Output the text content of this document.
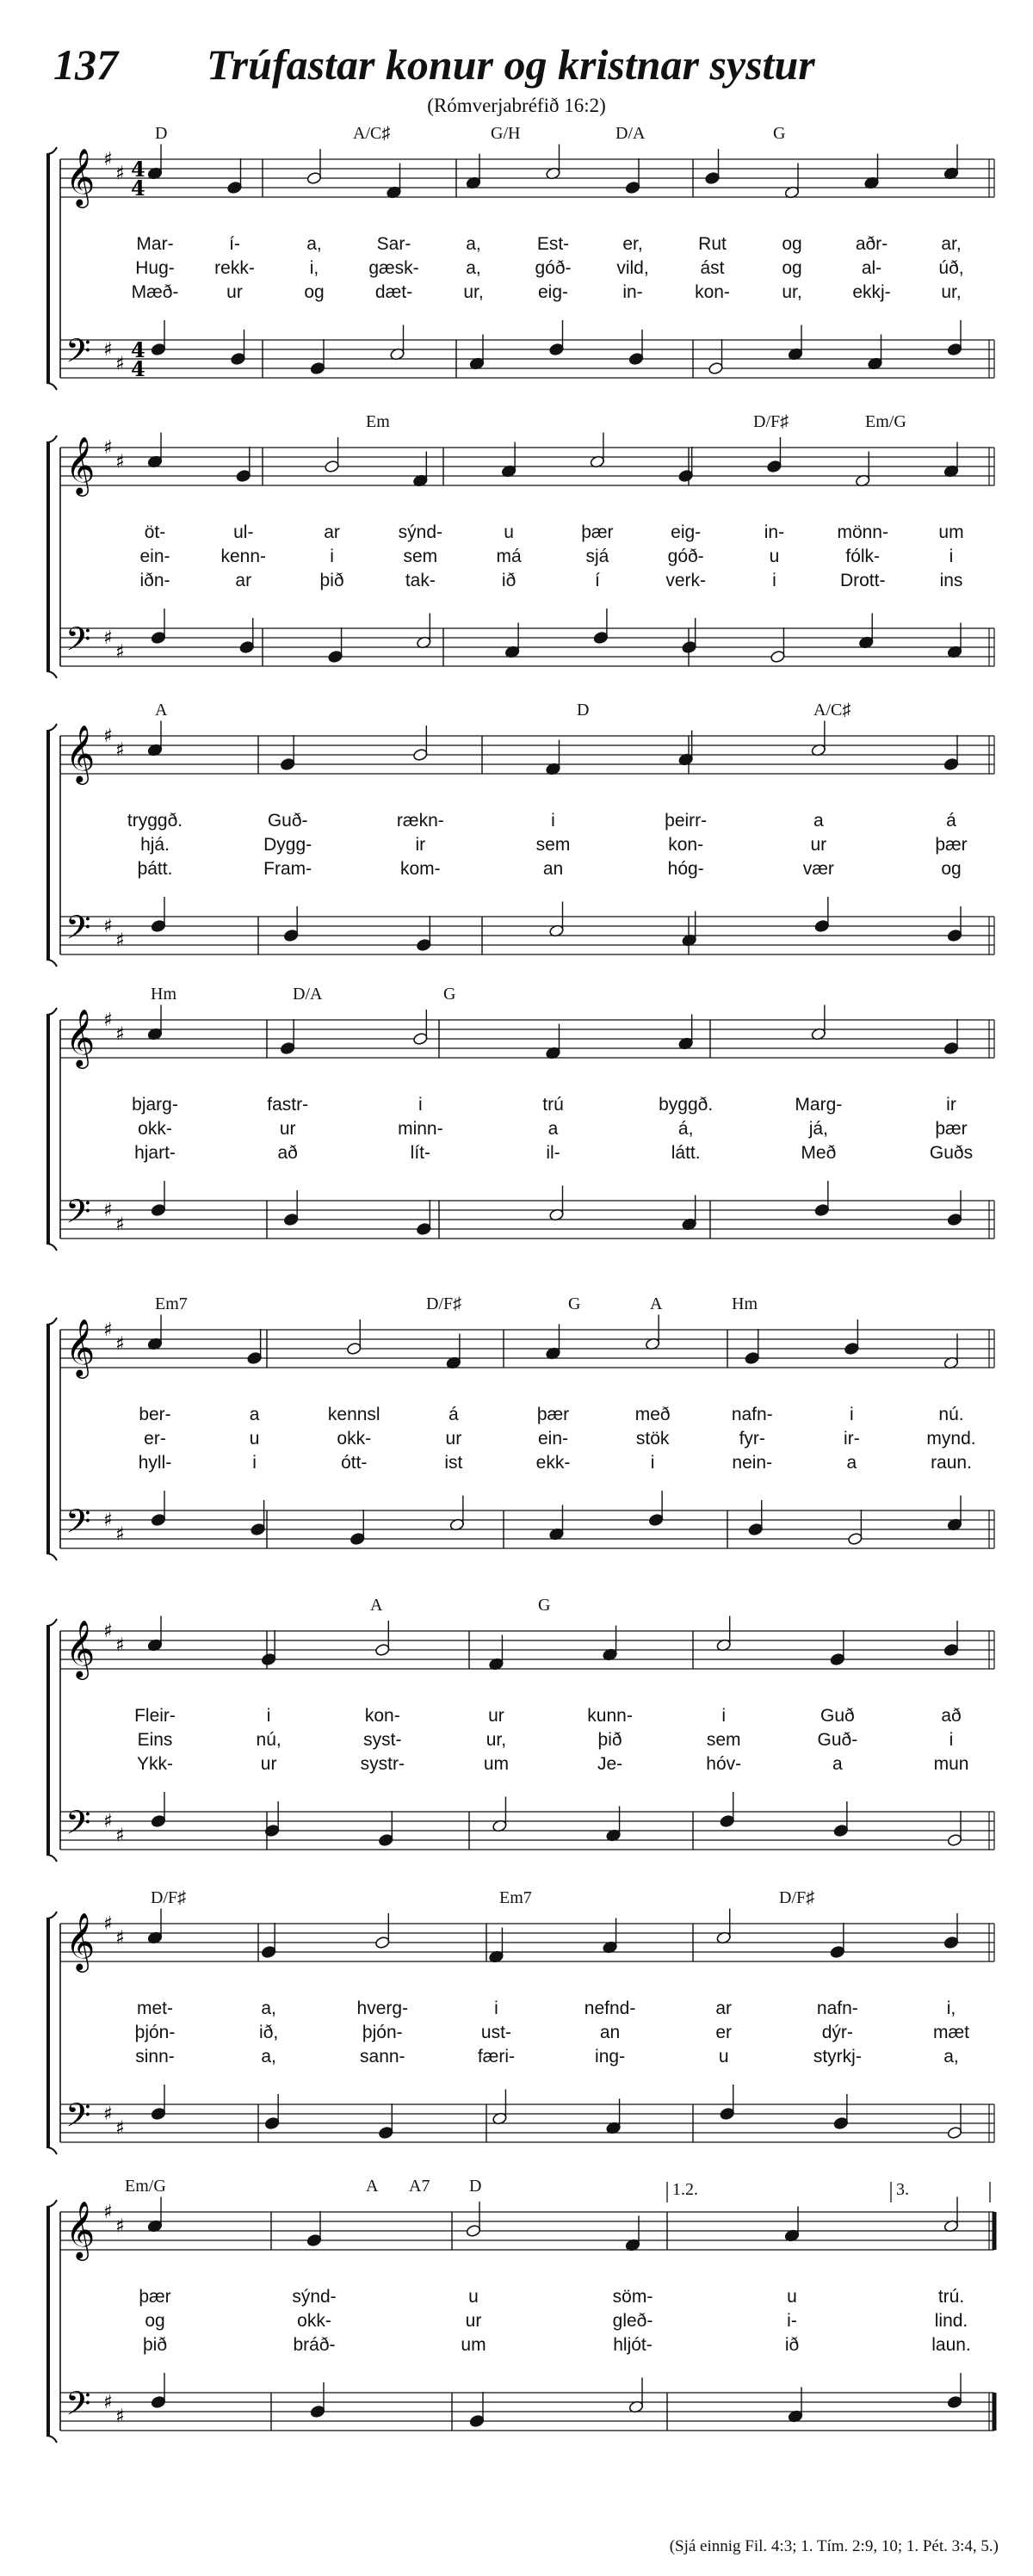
137 Trúfastar konur og kristnar systur
(Rómverjabréfið 16:2)
𝄞
𝄢
♯
♯
♯
♯
4
4
4
4
D	A/C♯	G/H	D/A	G
Mar-	í-	a,	Sar-	a,	Est-	er,	Rut	og	aðr-	ar,
Hug- rekk-	i,	gæsk-	a,	góð-	vild,	ást	og	al-	úð,
Mæð-	ur	og	dæt-	ur,	eig-	in-	kon-	ur,	ekkj-	ur,
𝄞
𝄢
♯
♯
♯
♯
Em	D/F♯	Em/G
öt-	ul-	ar	sýnd-	u	þær	eig-	in-	mönn-	um
ein-	kenn-	i	sem	má	sjá	góð-	u	fólk-	i
iðn-	ar	þið	tak-	ið	í	verk-	i	Drott-	ins
𝄞
𝄢
♯
♯
♯
♯
A	D	A/C♯
tryggð.	Guð-	rækn-	i	þeirr-	a	á
hjá.	Dygg-	ir	sem	kon-	ur	þær
þátt.	Fram-	kom-	an	hóg-	vær	og
𝄞
𝄢
♯
♯
♯
♯
Hm	D/A	G
bjarg-	fastr-	i	trú	byggð.	Marg-	ir
okk-	ur	minn-	a	á,	já,	þær
hjart-	að	lít-	il-	látt.	Með	Guðs
𝄞
𝄢
♯
♯
♯
♯
Em7	D/F♯	G	A	Hm
ber-	a	kennsl	á	þær	með	nafn-	i	nú.
er-	u	okk-	ur	ein-	stök	fyr-	ir-	mynd.
hyll-	i	ótt-	ist	ekk-	i	nein-	a	raun.
𝄞
𝄢
♯
♯
♯
♯
A	G
Fleir-	i	kon-	ur	kunn-	i	Guð	að
Eins	nú,	syst-	ur,	þið	sem	Guð-	i
Ykk-	ur	systr-	um	Je-	hóv-	a	mun
𝄞
𝄢
♯
♯
♯
♯
D/F♯	Em7	D/F♯
met-	a,	hverg-	i	nefnd-	ar	nafn-	i,
þjón-	ið,	þjón-	ust-	an	er	dýr-	mæt
sinn-	a,	sann-	færi-	ing-	u	styrkj-	a,
𝄞
𝄢
♯
♯
♯
♯
Em/G	A A7 D	1.2.	3.
þær	sýnd-	u	söm-	u	trú.
og	okk-	ur	gleð-	i-	lind.
þið	bráð-	um	hljót-	ið	laun.
(Sjá einnig Fil. 4:3; 1. Tím. 2:9, 10; 1. Pét. 3:4, 5.)
